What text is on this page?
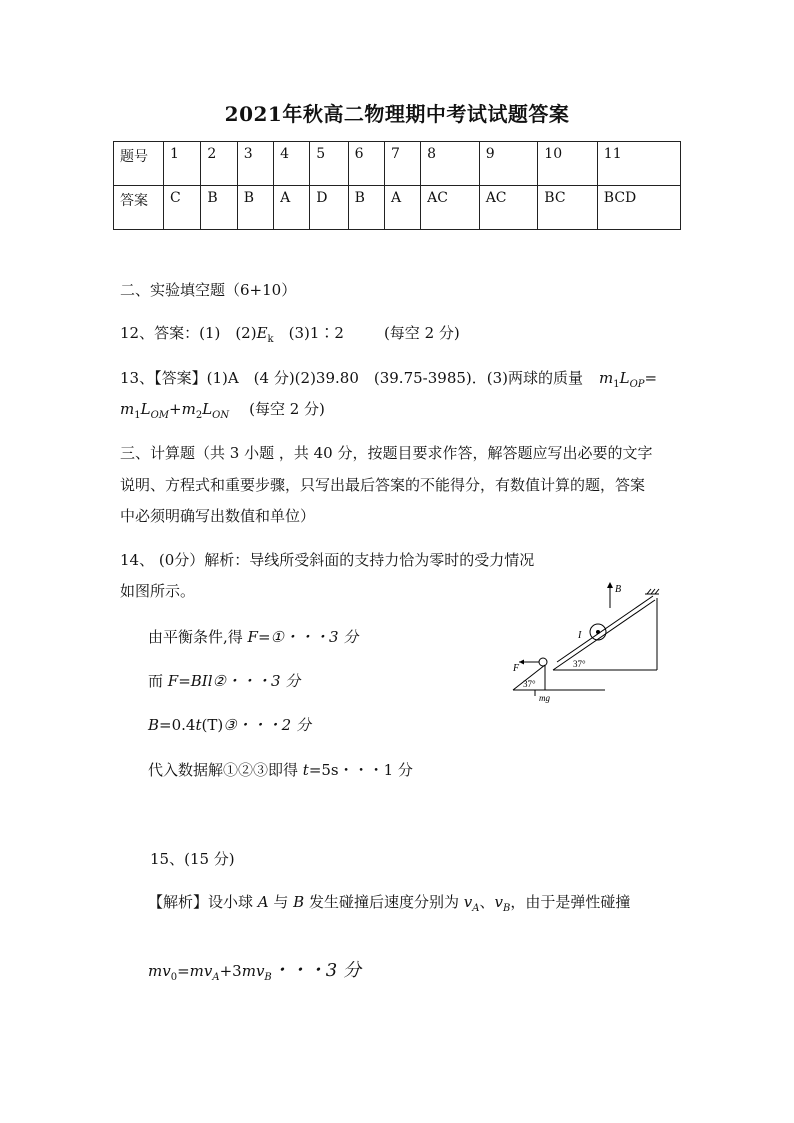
2021年秋高二物理期中考试试题答案
题号	1	2	3	4	5	6	7	8	9	10	11
答案	C	B	B	A	D	B	A	AC	AC	BC	BCD
二、实验填空题（6+10）
12、答案：(1)　$(2)E_k$　(3)1∶2	(每空 2 分)
13、【答案】(1)A　(4 分)(2)39.80　(39.75-3985)．(3)两球的质量 $m_1L_{OP}=$
$m_1L_{OM}+m_2L_{ON}$ (每空 2 分)
三、计算题（共 3 小题 ，共 40 分，按题目要求作答，解答题应写出必要的文字
说明、方程式和重要步骤，只写出最后答案的不能得分，有数值计算的题，答案
中必须明确写出数值和单位）
14、 (0分）解析：导线所受斜面的支持力恰为零时的受力情况
如图所示。
由平衡条件,得 F=①・・・3 分
而 F=BIl②・・・3 分
B=0.4t(T)③・・・2 分
代入数据解①②③即得 t=5s・・・1 分
F
37°
mg
I
37°
B
15、(15 分)
【解析】设小球 A 与 B 发生碰撞后速度分别为 $v_A$、$v_B$，由于是弹性碰撞
$mv_0=mv_A+3mv_B$・・・3 分
